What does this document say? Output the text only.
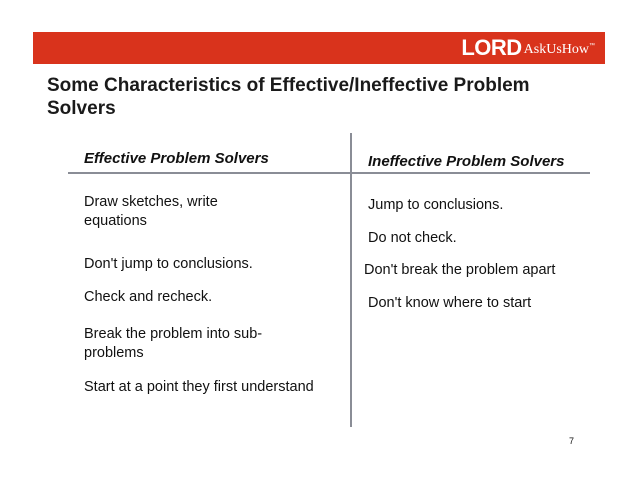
LORD AskUsHow ™
Some Characteristics of Effective/Ineffective Problem Solvers
Effective Problem Solvers	Ineffective Problem Solvers
Draw sketches, write equations
Don't jump to conclusions.
Check and recheck.
Break the problem into sub-problems
Start at a point they first understand
Jump to conclusions.
Do not check.
Don't break the problem apart
Don't know where to start
7
